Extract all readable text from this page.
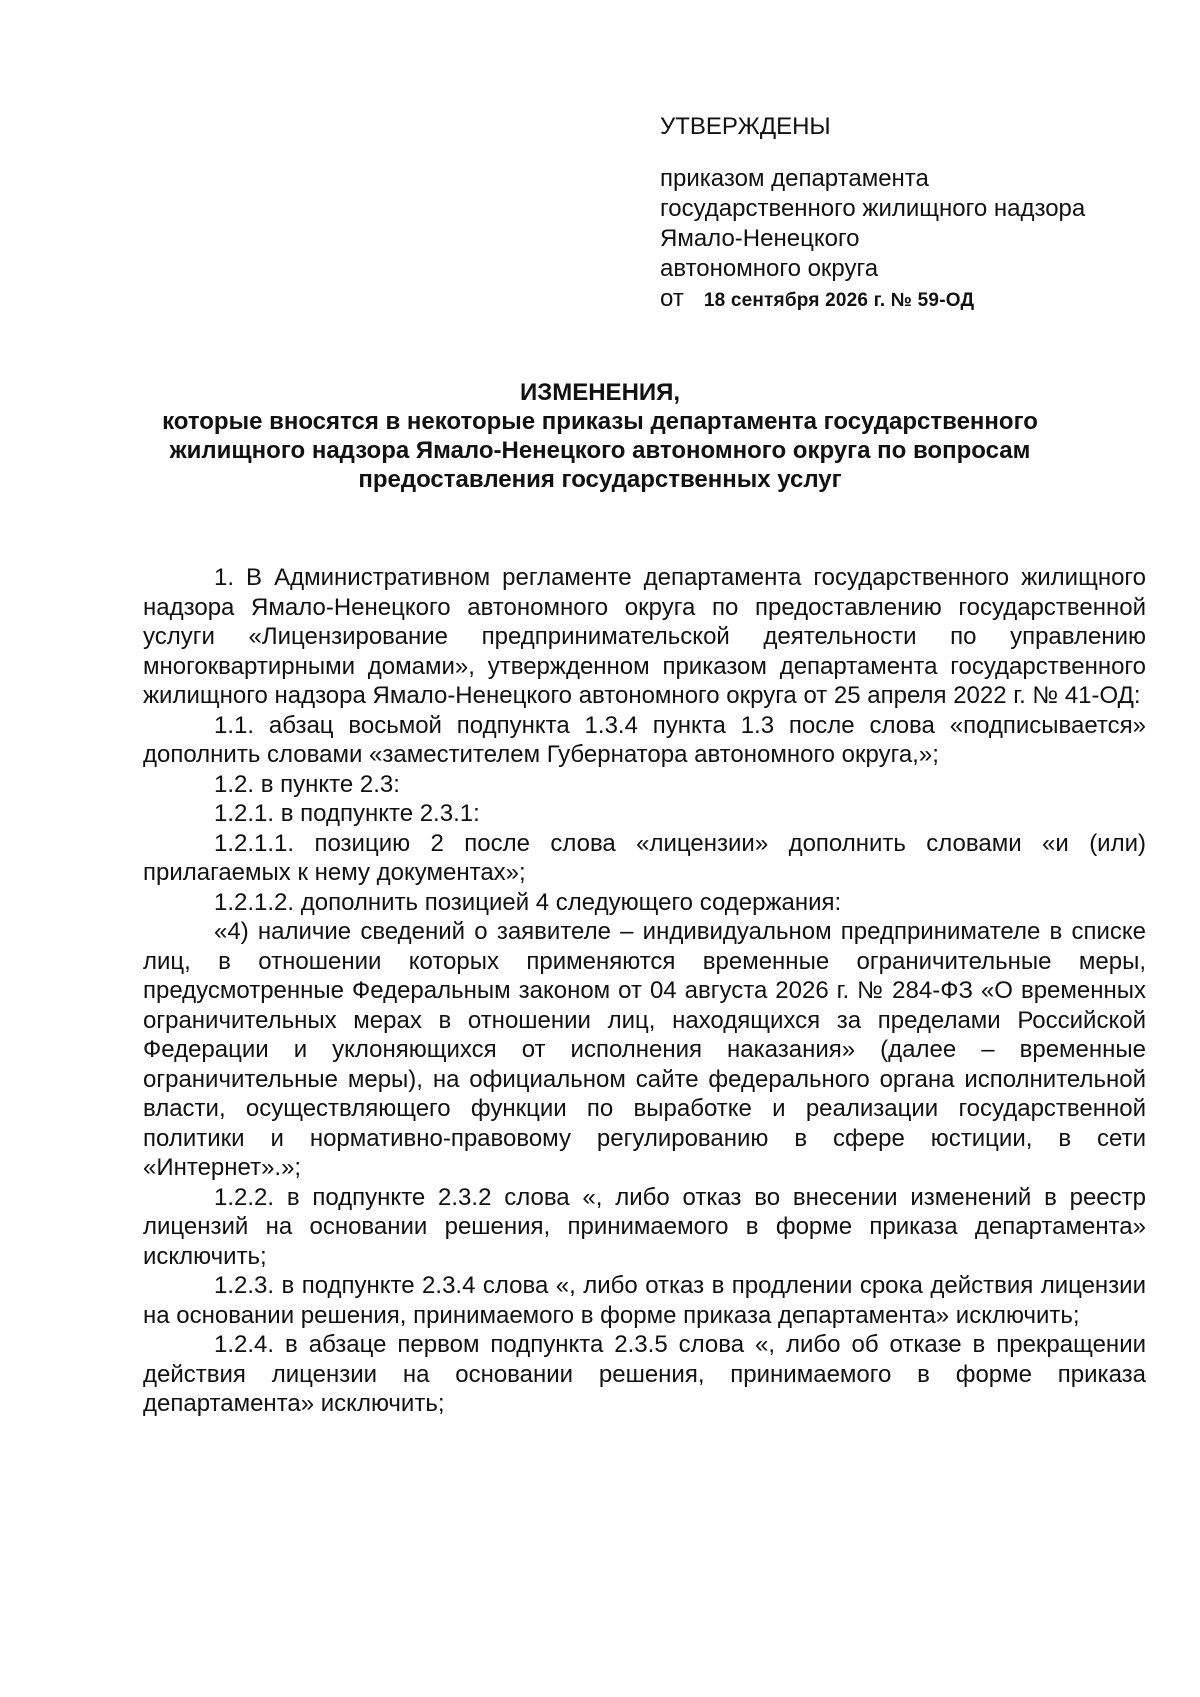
УТВЕРЖДЕНЫ

приказом департамента

государственного жилищного надзора

Ямало-Ненецкого

автономного округа

от 18 сентября 2026 г. № 59-ОД

ИЗМЕНЕНИЯ,

которые вносятся в некоторые приказы департамента государственного

жилищного надзора Ямало-Ненецкого автономного округа по вопросам

предоставления государственных услуг

1. В Административном регламенте департамента государственного жилищного надзора Ямало-Ненецкого автономного округа по предоставлению государственной услуги «Лицензирование предпринимательской деятельности по управлению многоквартирными домами», утвержденном приказом департамента государственного жилищного надзора Ямало-Ненецкого автономного округа от 25 апреля 2022 г. № 41-ОД:

1.1. абзац восьмой подпункта 1.3.4 пункта 1.3 после слова «подписывается» дополнить словами «заместителем Губернатора автономного округа,»;

1.2. в пункте 2.3:

1.2.1. в подпункте 2.3.1:

1.2.1.1. позицию 2 после слова «лицензии» дополнить словами «и (или) прилагаемых к нему документах»;

1.2.1.2. дополнить позицией 4 следующего содержания:

«4) наличие сведений о заявителе – индивидуальном предпринимателе в списке лиц, в отношении которых применяются временные ограничительные меры, предусмотренные Федеральным законом от 04 августа 2026 г. № 284-ФЗ «О временных ограничительных мерах в отношении лиц, находящихся за пределами Российской Федерации и уклоняющихся от исполнения наказания» (далее – временные ограничительные меры), на официальном сайте федерального органа исполнительной власти, осуществляющего функции по выработке и реализации государственной политики и нормативно-правовому регулированию в сфере юстиции, в сети «Интернет».»;

1.2.2. в подпункте 2.3.2 слова «, либо отказ во внесении изменений в реестр лицензий на основании решения, принимаемого в форме приказа департамента» исключить;

1.2.3. в подпункте 2.3.4 слова «, либо отказ в продлении срока действия лицензии на основании решения, принимаемого в форме приказа департамента» исключить;

1.2.4. в абзаце первом подпункта 2.3.5 слова «, либо об отказе в прекращении действия лицензии на основании решения, принимаемого в форме приказа департамента» исключить;
